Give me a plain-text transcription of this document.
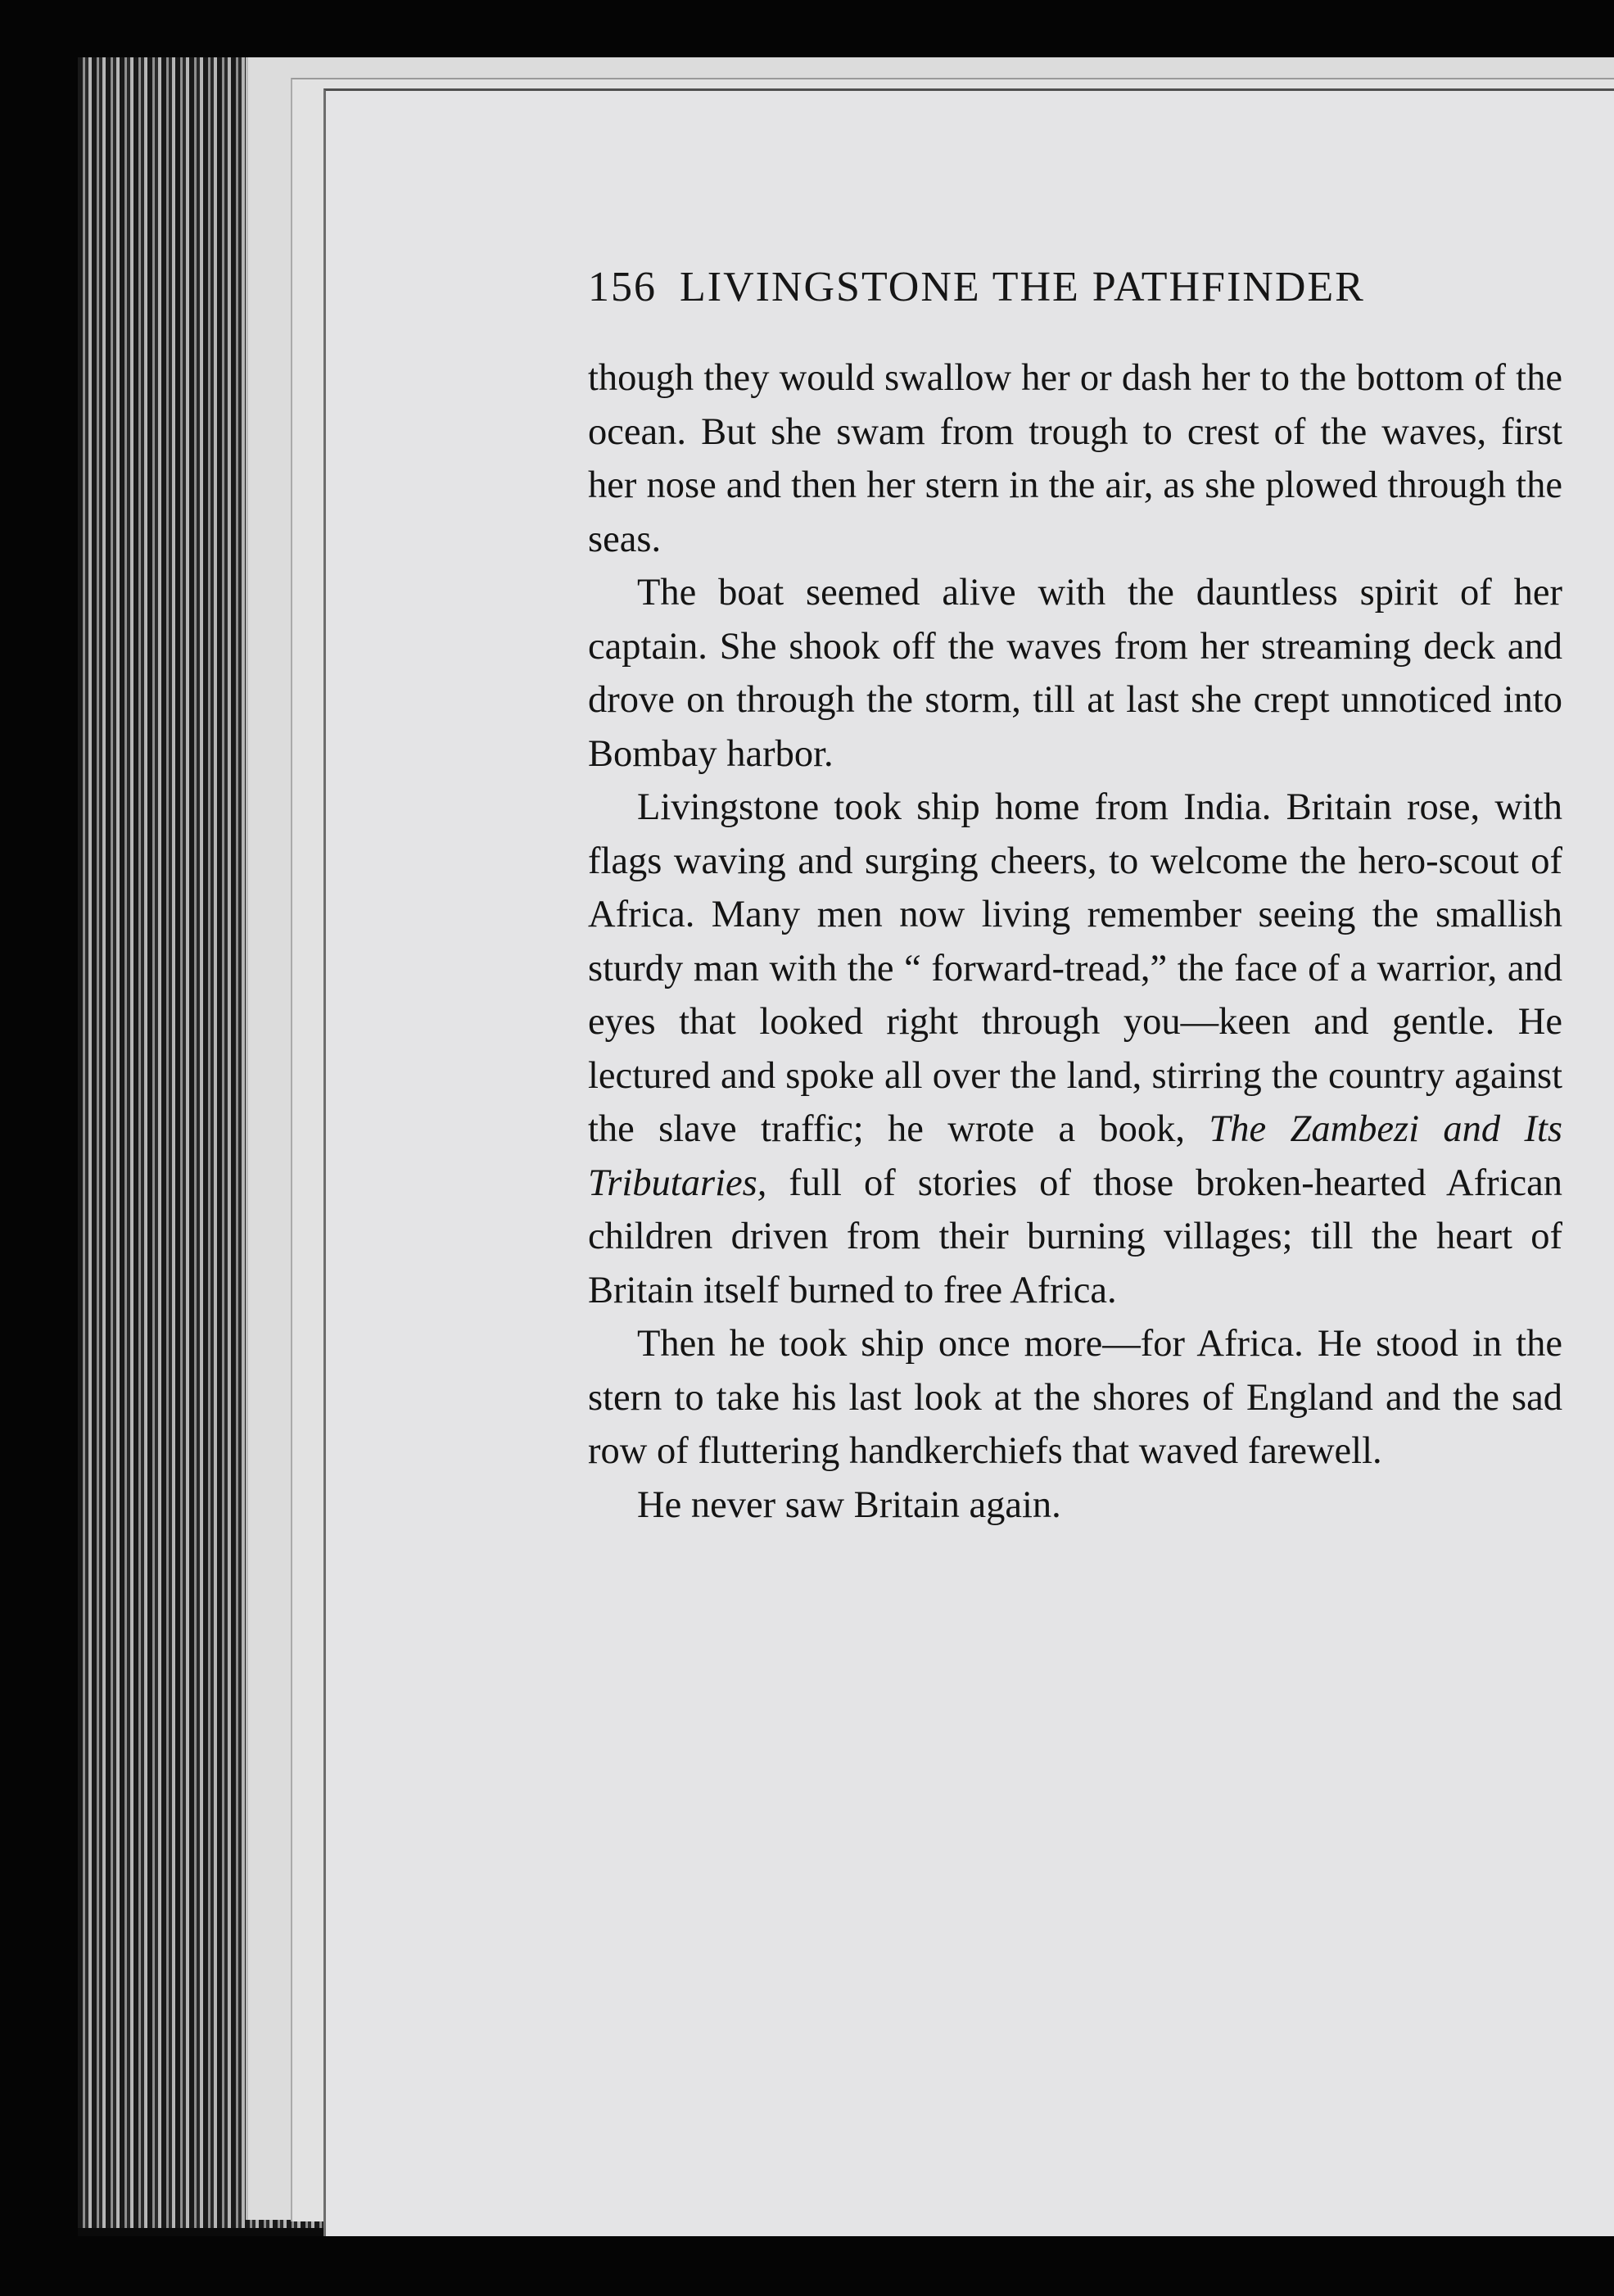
156 LIVINGSTONE THE PATHFINDER

though they would swallow her or dash her to the bottom of the ocean. But she swam from trough to crest of the waves, first her nose and then her stern in the air, as she plowed through the seas.

The boat seemed alive with the dauntless spirit of her captain. She shook off the waves from her streaming deck and drove on through the storm, till at last she crept unnoticed into Bombay harbor.

Livingstone took ship home from India. Britain rose, with flags waving and surging cheers, to welcome the hero-scout of Africa. Many men now living remember seeing the smallish sturdy man with the “ forward-tread,” the face of a warrior, and eyes that looked right through you—keen and gentle. He lectured and spoke all over the land, stirring the country against the slave traffic; he wrote a book, The Zambezi and Its Tributaries, full of stories of those broken-hearted African children driven from their burning villages; till the heart of Britain itself burned to free Africa.

Then he took ship once more—for Africa. He stood in the stern to take his last look at the shores of England and the sad row of fluttering handkerchiefs that waved farewell.

He never saw Britain again.
